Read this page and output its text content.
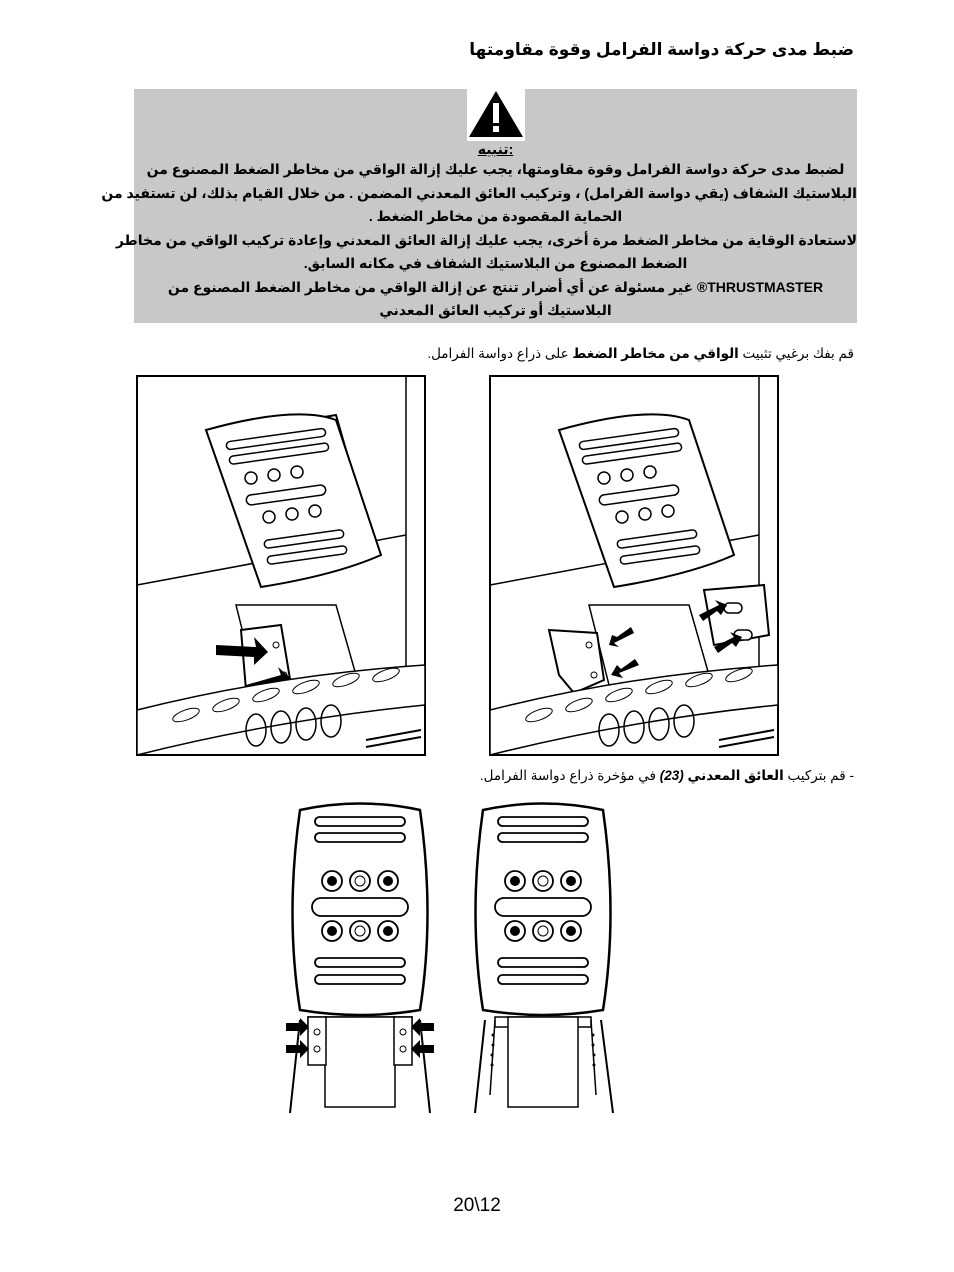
ضبط مدى حركة دواسة الفرامل وقوة مقاومتها
:تنبيه
لضبط مدى حركة دواسة الفرامل وقوة مقاومتها، يجب عليك إزالة الواقي من مخاطر الضغط المصنوع من
البلاستيك الشفاف (يقي دواسة الفرامل) ، وتركيب العائق المعدني المضمن . من خلال القيام بذلك، لن تستفيد من
الحماية المقصودة من مخاطر الضغط .
لاستعادة الوقاية من مخاطر الضغط مرة أخرى، يجب عليك إزالة العائق المعدني وإعادة تركيب الواقي من مخاطر
الضغط المصنوع من البلاستيك الشفاف في مكانه السابق.
THRUSTMASTER® غير مسئولة عن أي أضرار تنتج عن إزالة الواقي من مخاطر الضغط المصنوع من
البلاستيك أو تركيب العائق المعدني
قم بفك برغيي تثبيت الواقي من مخاطر الضغط على ذراع دواسة الفرامل.
- قم بتركيب العائق المعدني (23) في مؤخرة ذراع دواسة الفرامل.
20\12
